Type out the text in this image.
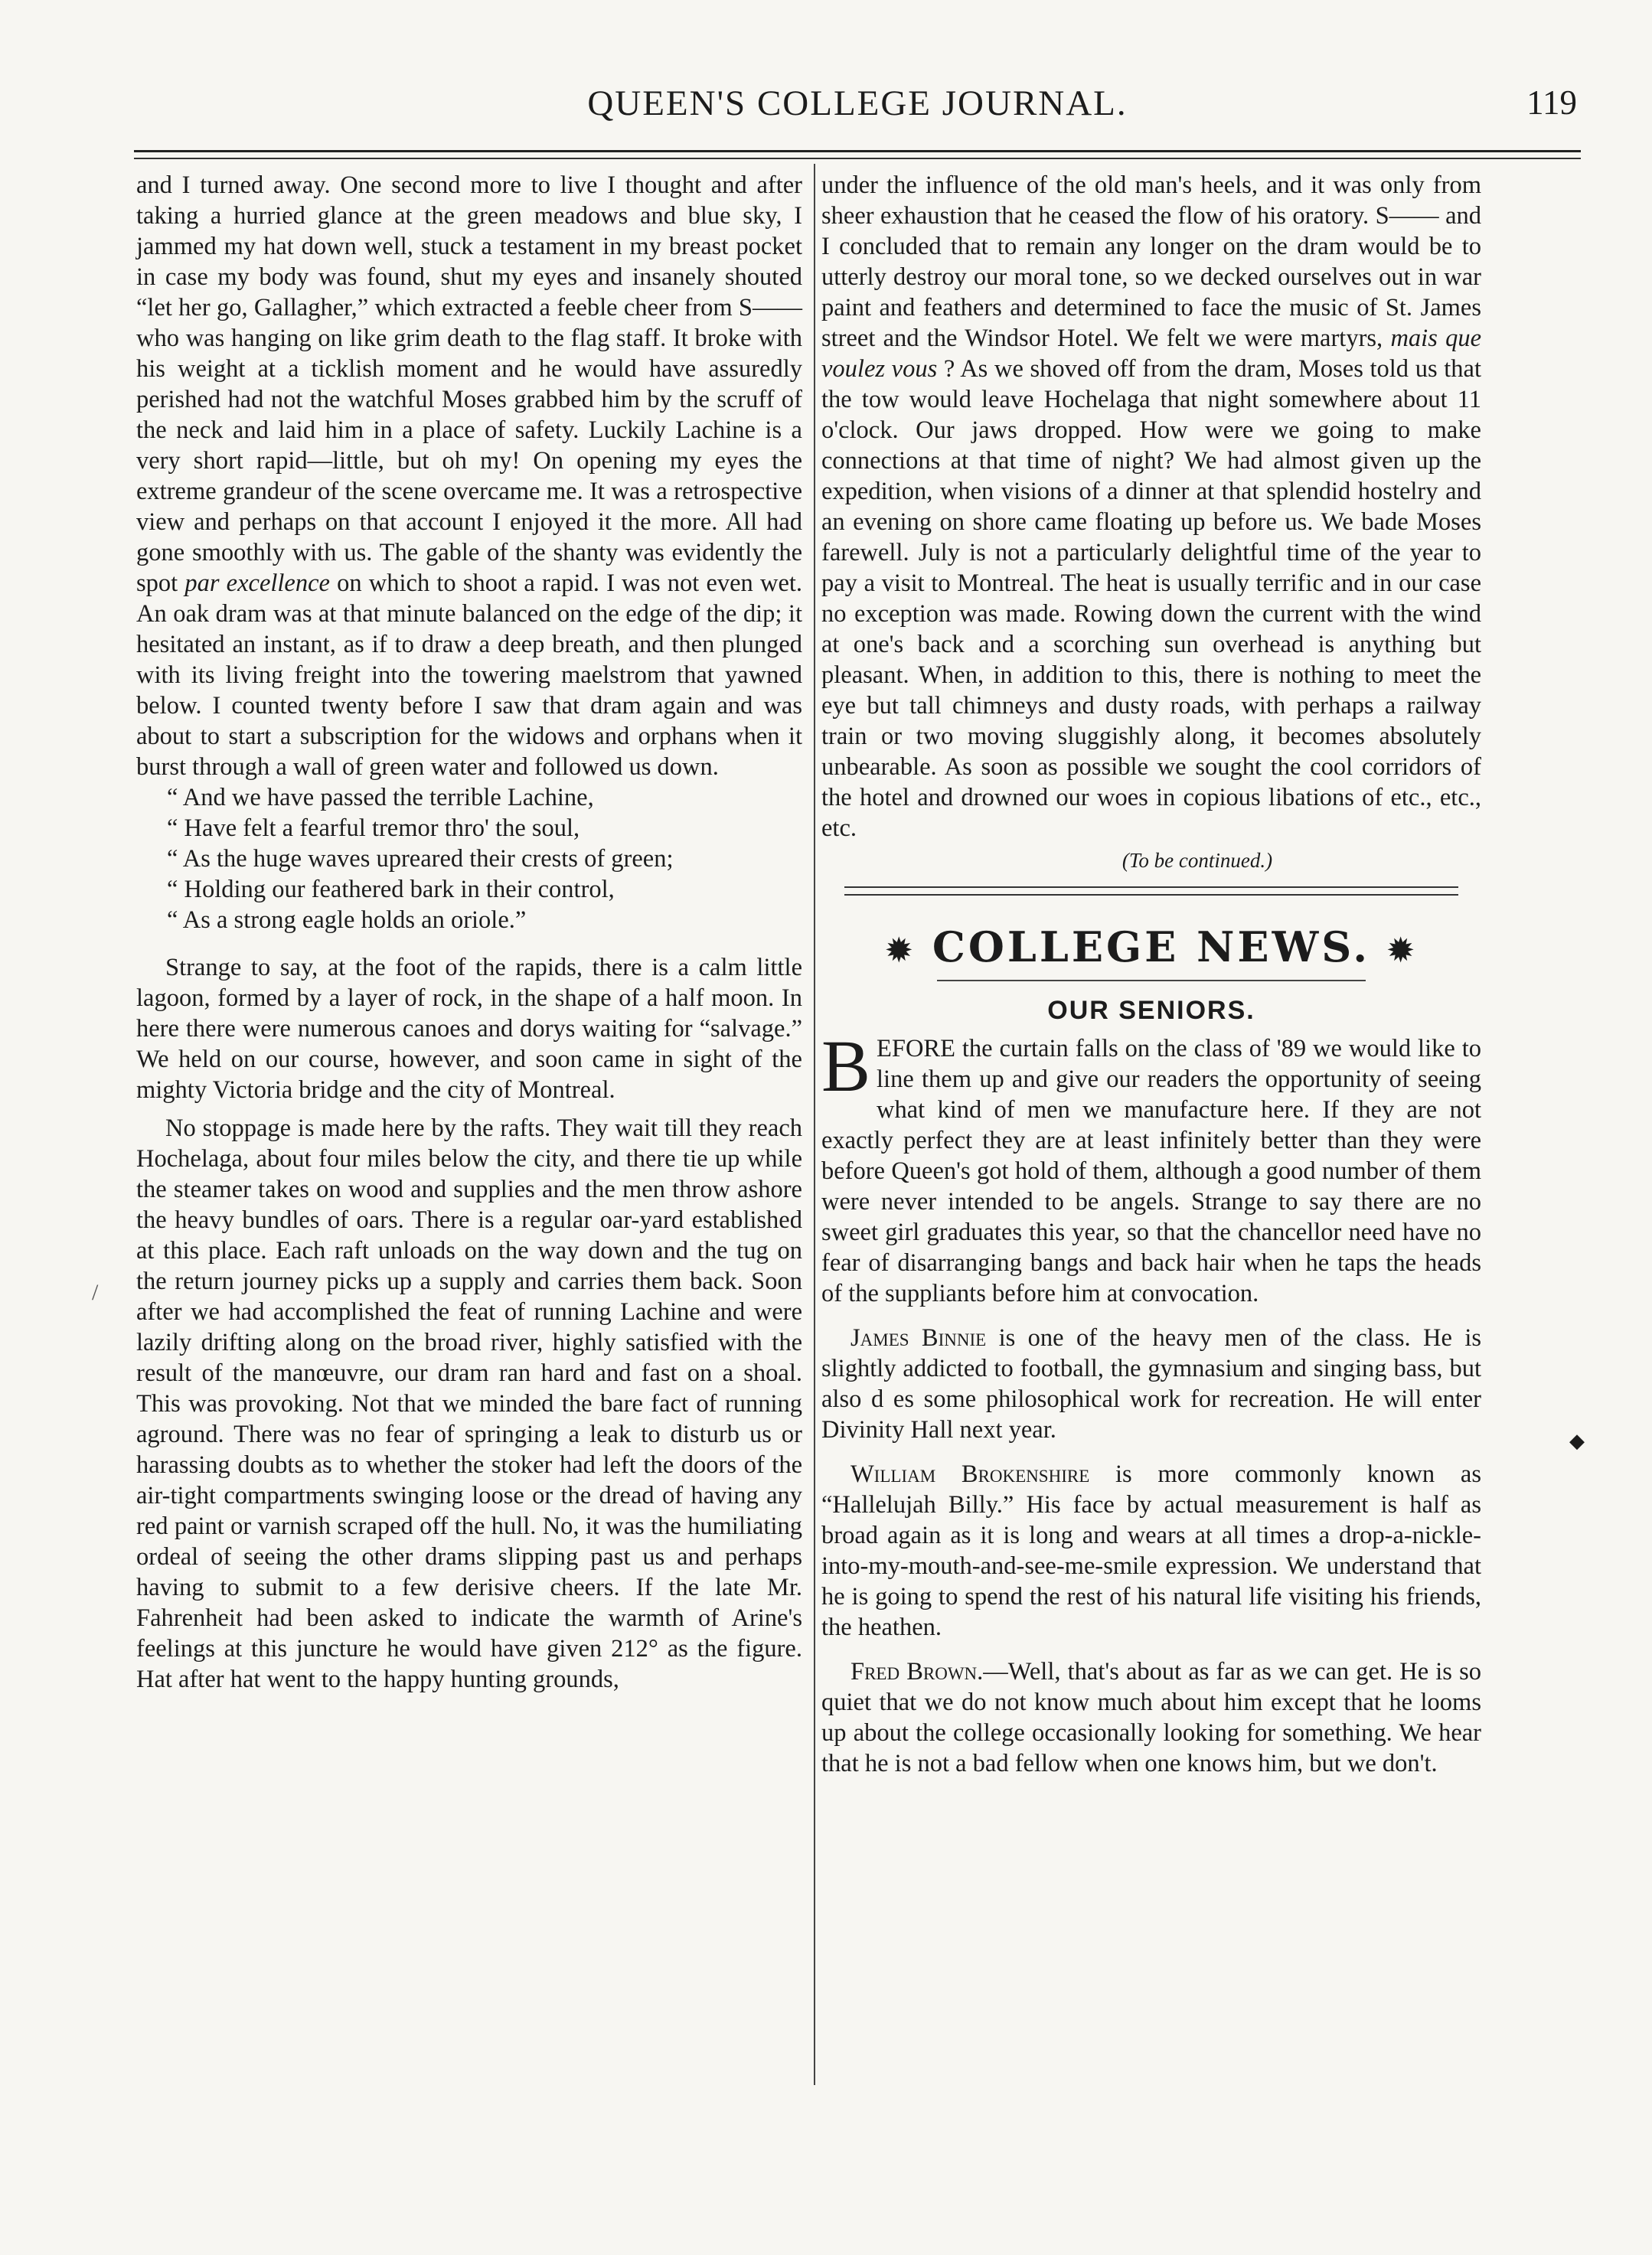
QUEEN'S COLLEGE JOURNAL.	119

and I turned away. One second more to live I thought and after taking a hurried glance at the green meadows and blue sky, I jammed my hat down well, stuck a testament in my breast pocket in case my body was found, shut my eyes and insanely shouted “let her go, Gallagher,” which extracted a feeble cheer from S—— who was hanging on like grim death to the flag staff. It broke with his weight at a ticklish moment and he would have assuredly perished had not the watchful Moses grabbed him by the scruff of the neck and laid him in a place of safety. Luckily Lachine is a very short rapid—little, but oh my! On opening my eyes the extreme grandeur of the scene overcame me. It was a retrospective view and perhaps on that account I enjoyed it the more. All had gone smoothly with us. The gable of the shanty was evidently the spot par excellence on which to shoot a rapid. I was not even wet. An oak dram was at that minute balanced on the edge of the dip; it hesitated an instant, as if to draw a deep breath, and then plunged with its living freight into the towering maelstrom that yawned below. I counted twenty before I saw that dram again and was about to start a subscription for the widows and orphans when it burst through a wall of green water and followed us down.

“ And we have passed the terrible Lachine,
“ Have felt a fearful tremor thro' the soul,
“ As the huge waves upreared their crests of green;
“ Holding our feathered bark in their control,
“ As a strong eagle holds an oriole.”

Strange to say, at the foot of the rapids, there is a calm little lagoon, formed by a layer of rock, in the shape of a half moon. In here there were numerous canoes and dorys waiting for “salvage.” We held on our course, however, and soon came in sight of the mighty Victoria bridge and the city of Montreal.

No stoppage is made here by the rafts. They wait till they reach Hochelaga, about four miles below the city, and there tie up while the steamer takes on wood and supplies and the men throw ashore the heavy bundles of oars. There is a regular oar-yard established at this place. Each raft unloads on the way down and the tug on the return journey picks up a supply and carries them back. Soon after we had accomplished the feat of running Lachine and were lazily drifting along on the broad river, highly satisfied with the result of the manœuvre, our dram ran hard and fast on a shoal. This was provoking. Not that we minded the bare fact of running aground. There was no fear of springing a leak to disturb us or harassing doubts as to whether the stoker had left the doors of the air-tight compartments swinging loose or the dread of having any red paint or varnish scraped off the hull. No, it was the humiliating ordeal of seeing the other drams slipping past us and perhaps having to submit to a few derisive cheers. If the late Mr. Fahrenheit had been asked to indicate the warmth of Arine's feelings at this juncture he would have given 212° as the figure. Hat after hat went to the happy hunting grounds,

under the influence of the old man's heels, and it was only from sheer exhaustion that he ceased the flow of his oratory. S—— and I concluded that to remain any longer on the dram would be to utterly destroy our moral tone, so we decked ourselves out in war paint and feathers and determined to face the music of St. James street and the Windsor Hotel. We felt we were martyrs, mais que voulez vous ? As we shoved off from the dram, Moses told us that the tow would leave Hochelaga that night somewhere about 11 o'clock. Our jaws dropped. How were we going to make connections at that time of night? We had almost given up the expedition, when visions of a dinner at that splendid hostelry and an evening on shore came floating up before us. We bade Moses farewell. July is not a particularly delightful time of the year to pay a visit to Montreal. The heat is usually terrific and in our case no exception was made. Rowing down the current with the wind at one's back and a scorching sun overhead is anything but pleasant. When, in addition to this, there is nothing to meet the eye but tall chimneys and dusty roads, with perhaps a railway train or two moving sluggishly along, it becomes absolutely unbearable. As soon as possible we sought the cool corridors of the hotel and drowned our woes in copious libations of etc., etc., etc.

(To be continued.)
✹ COLLEGE NEWS. ✹
OUR SENIORS.

BEFORE the curtain falls on the class of '89 we would like to line them up and give our readers the opportunity of seeing what kind of men we manufacture here. If they are not exactly perfect they are at least infinitely better than they were before Queen's got hold of them, although a good number of them were never intended to be angels. Strange to say there are no sweet girl graduates this year, so that the chancellor need have no fear of disarranging bangs and back hair when he taps the heads of the suppliants before him at convocation.

James Binnie is one of the heavy men of the class. He is slightly addicted to football, the gymnasium and singing bass, but also d es some philosophical work for recreation. He will enter Divinity Hall next year.

William Brokenshire is more commonly known as “Hallelujah Billy.” His face by actual measurement is half as broad again as it is long and wears at all times a drop-a-nickle-into-my-mouth-and-see-me-smile expression. We understand that he is going to spend the rest of his natural life visiting his friends, the heathen.

Fred Brown.—Well, that's about as far as we can get. He is so quiet that we do not know much about him except that he looms up about the college occasionally looking for something. We hear that he is not a bad fellow when one knows him, but we don't.

◆
/
